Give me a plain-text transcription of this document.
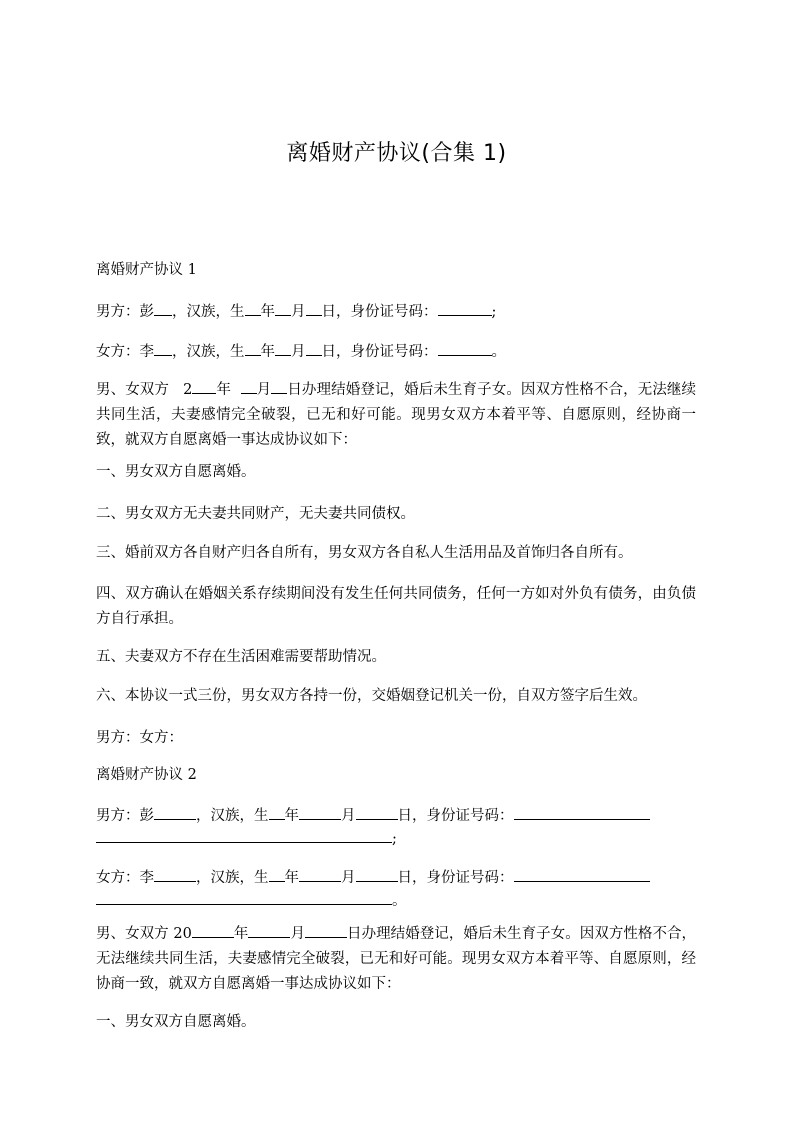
离婚财产协议(合集 1)
离婚财产协议 1
男方：彭 ，汉族，生 年 月 日，身份证号码：	;
女方：李 ，汉族，生 年 月 日，身份证号码：	。
男、女双方 2 年 月 日办理结婚登记，婚后未生育子女。因双方性格不合，无法继续共同生活，夫妻感情完全破裂，已无和好可能。现男女双方本着平等、自愿原则，经协商一致，就双方自愿离婚一事达成协议如下：
一、男女双方自愿离婚。
二、男女双方无夫妻共同财产，无夫妻共同债权。
三、婚前双方各自财产归各自所有，男女双方各自私人生活用品及首饰归各自所有。
四、双方确认在婚姻关系存续期间没有发生任何共同债务，任何一方如对外负有债务，由负债方自行承担。
五、夫妻双方不存在生活困难需要帮助情况。
六、本协议一式三份，男女双方各持一份，交婚姻登记机关一份，自双方签字后生效。
男方：女方：
离婚财产协议 2
男方：彭	，汉族，生 年	月	日，身份证号码：
;
女方：李	，汉族，生 年	月	日，身份证号码：
。
男、女双方 20	年	月	日办理结婚登记，婚后未生育子女。因双方性格不合，无法继续共同生活，夫妻感情完全破裂，已无和好可能。现男女双方本着平等、自愿原则，经协商一致，就双方自愿离婚一事达成协议如下：
一、男女双方自愿离婚。
